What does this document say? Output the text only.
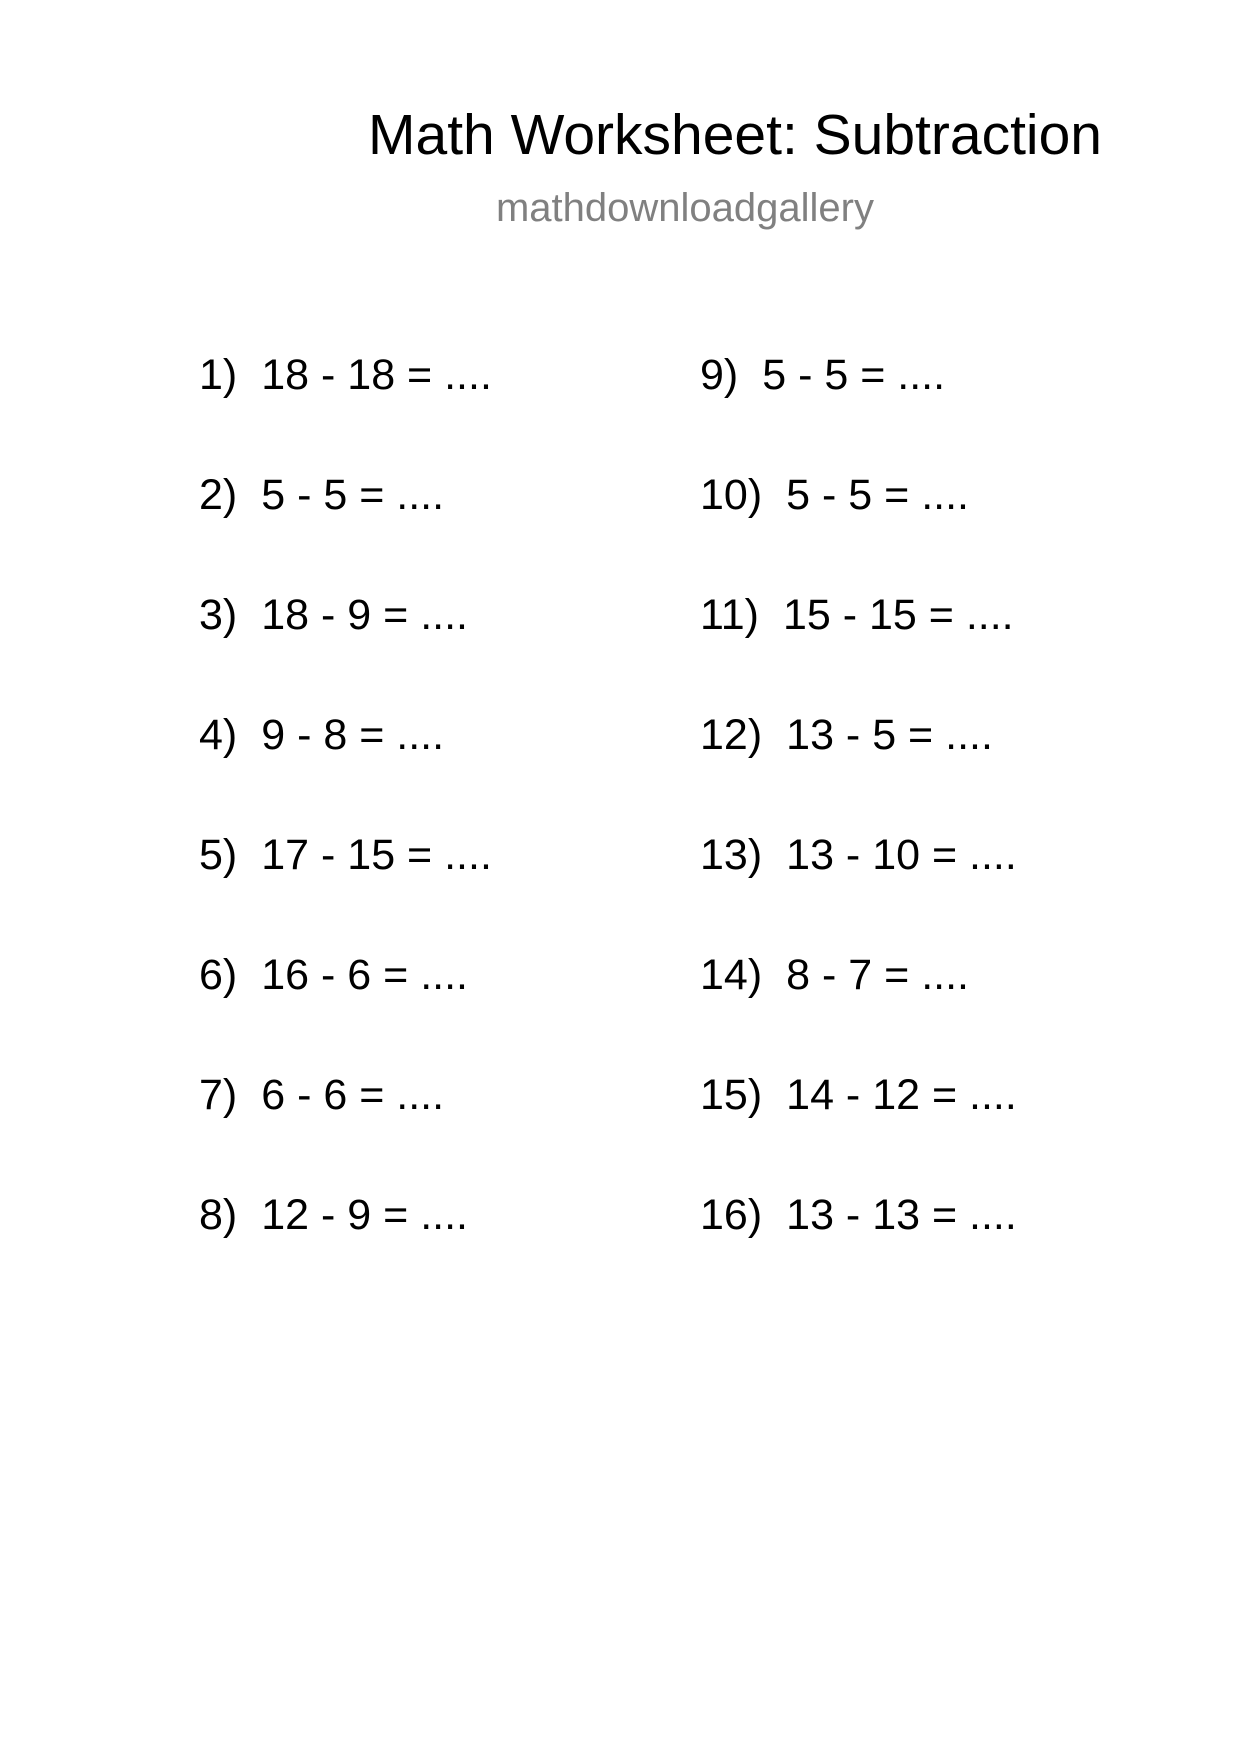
Math Worksheet: Subtraction
mathdownloadgallery
1) 18 - 18 = ....
2) 5 - 5 = ....
3) 18 - 9 = ....
4) 9 - 8 = ....
5) 17 - 15 = ....
6) 16 - 6 = ....
7) 6 - 6 = ....
8) 12 - 9 = ....
9) 5 - 5 = ....
10) 5 - 5 = ....
11) 15 - 15 = ....
12) 13 - 5 = ....
13) 13 - 10 = ....
14) 8 - 7 = ....
15) 14 - 12 = ....
16) 13 - 13 = ....
